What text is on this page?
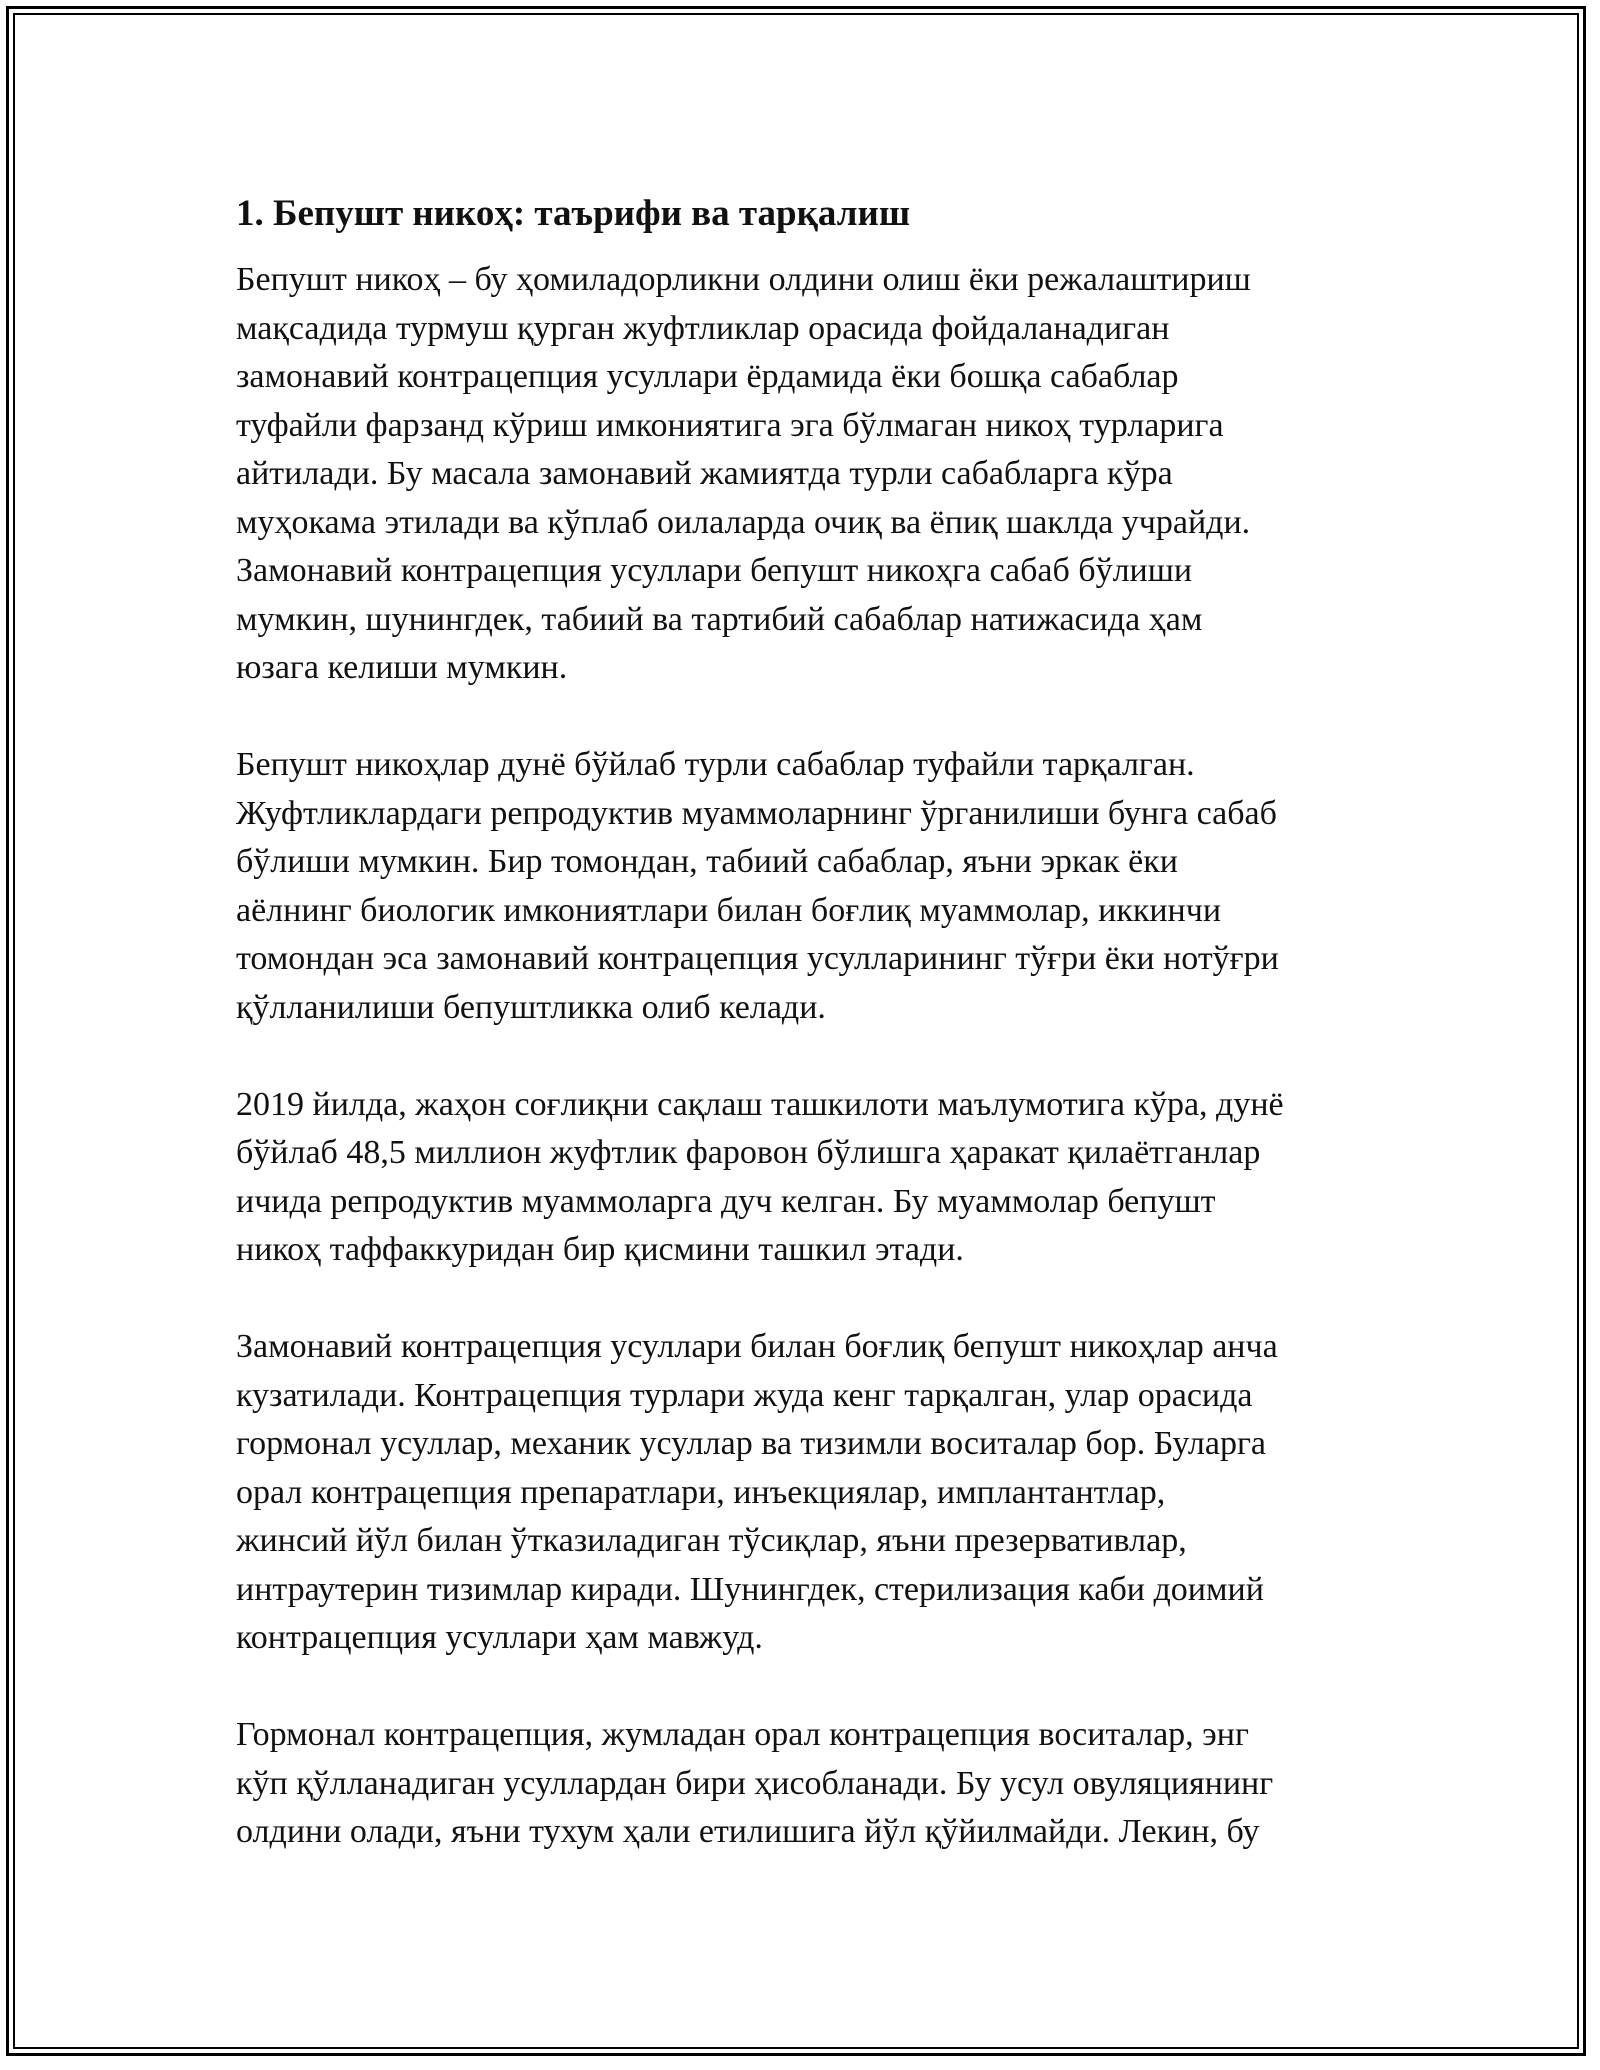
1. Бепушт никоҳ: таърифи ва тарқалиш

Бепушт никоҳ – бу ҳомиладорликни олдини олиш ёки режалаштириш
мақсадида турмуш қурган жуфтликлар орасида фойдаланадиган
замонавий контрацепция усуллари ёрдамида ёки бошқа сабаблар
туфайли фарзанд кўриш имкониятига эга бўлмаган никоҳ турларига
айтилади. Бу масала замонавий жамиятда турли сабабларга кўра
муҳокама этилади ва кўплаб оилаларда очиқ ва ёпиқ шаклда учрайди.
Замонавий контрацепция усуллари бепушт никоҳга сабаб бўлиши
мумкин, шунингдек, табиий ва тартибий сабаблар натижасида ҳам
юзага келиши мумкин.

Бепушт никоҳлар дунё бўйлаб турли сабаблар туфайли тарқалган.
Жуфтликлардаги репродуктив муаммоларнинг ўрганилиши бунга сабаб
бўлиши мумкин. Бир томондан, табиий сабаблар, яъни эркак ёки
аёлнинг биологик имкониятлари билан боғлиқ муаммолар, иккинчи
томондан эса замонавий контрацепция усулларининг тўғри ёки нотўғри
қўлланилиши бепуштликка олиб келади.

2019 йилда, жаҳон соғлиқни сақлаш ташкилоти маълумотига кўра, дунё
бўйлаб 48,5 миллион жуфтлик фаровон бўлишга ҳаракат қилаётганлар
ичида репродуктив муаммоларга дуч келган. Бу муаммолар бепушт
никоҳ таффаккуридан бир қисмини ташкил этади.

Замонавий контрацепция усуллари билан боғлиқ бепушт никоҳлар анча
кузатилади. Контрацепция турлари жуда кенг тарқалган, улар орасида
гормонал усуллар, механик усуллар ва тизимли воситалар бор. Буларга
орал контрацепция препаратлари, инъекциялар, имплантантлар,
жинсий йўл билан ўтказиладиган тўсиқлар, яъни презервативлар,
интраутерин тизимлар киради. Шунингдек, стерилизация каби доимий
контрацепция усуллари ҳам мавжуд.

Гормонал контрацепция, жумладан орал контрацепция воситалар, энг
кўп қўлланадиган усуллардан бири ҳисобланади. Бу усул овуляциянинг
олдини олади, яъни тухум ҳали етилишига йўл қўйилмайди. Лекин, бу
